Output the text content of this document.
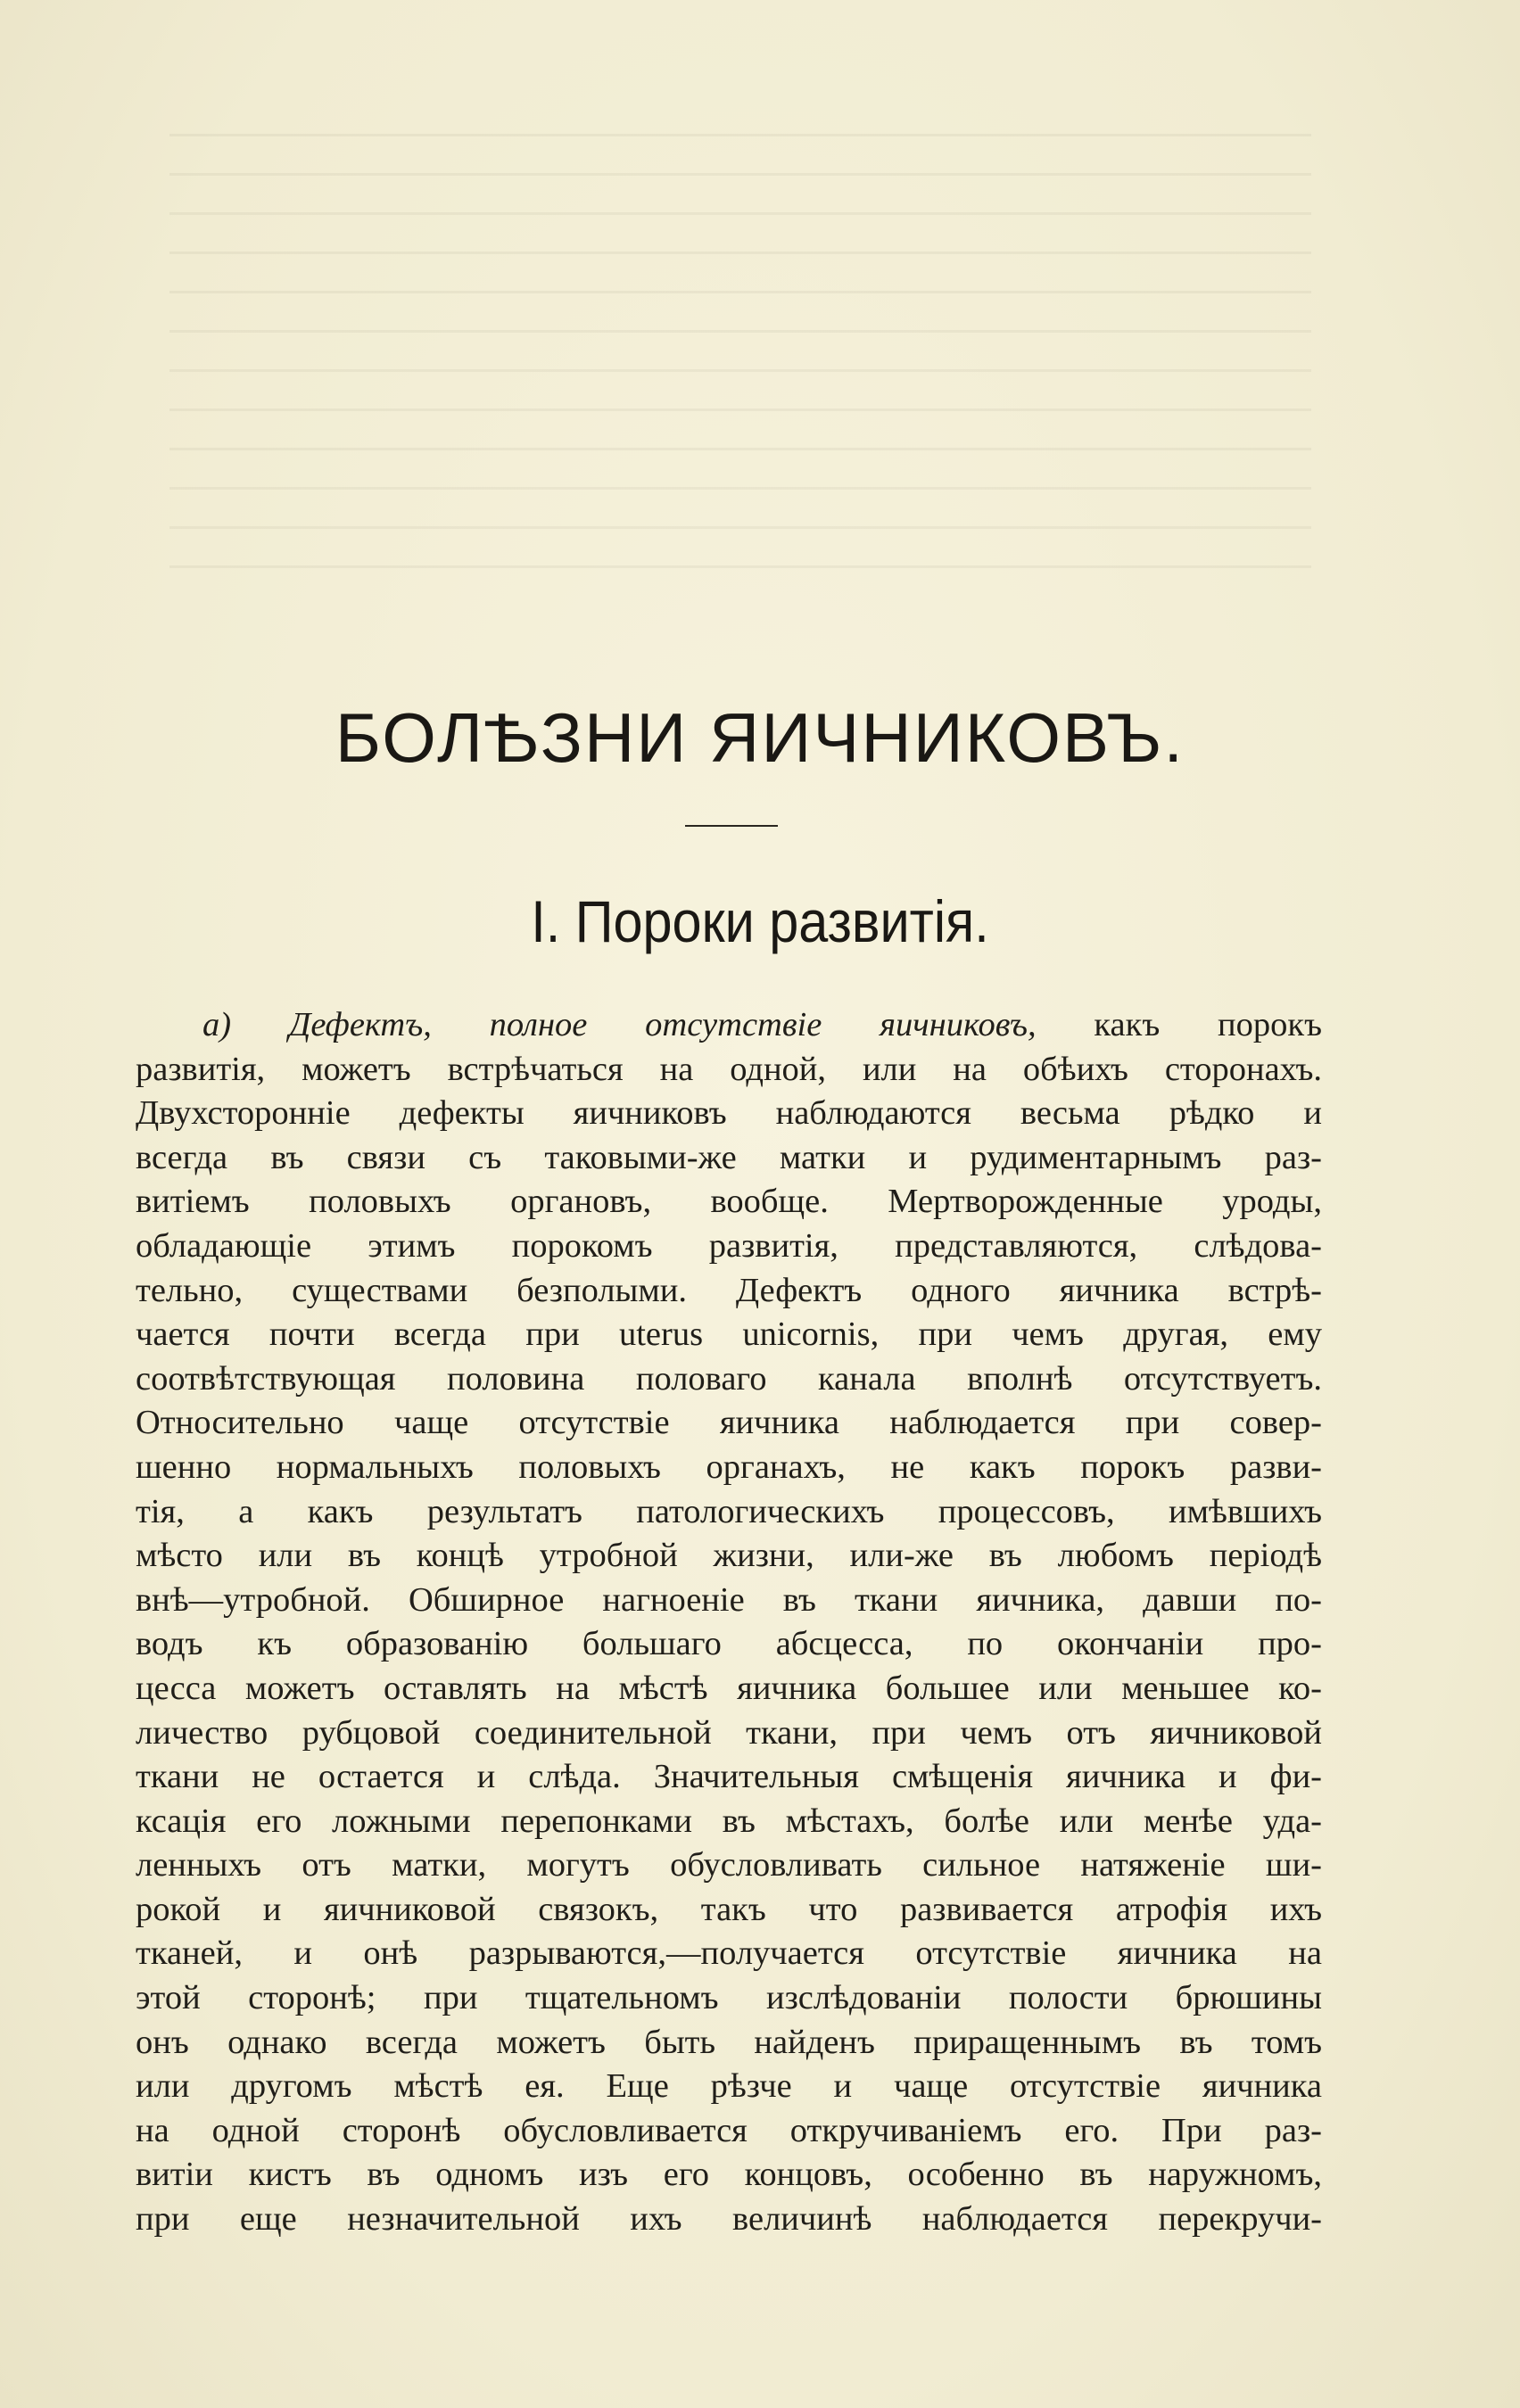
БОЛѢЗНИ ЯИЧНИКОВЪ.
I. Пороки развитія.
а) Дефектъ, полное отсутствіе яичниковъ, какъ порокъ
развитія, можетъ встрѣчаться на одной, или на обѣихъ сторонахъ.
Двухсторонніе дефекты яичниковъ наблюдаются весьма рѣдко и
всегда въ связи съ таковыми-же матки и рудиментарнымъ раз-
витіемъ половыхъ органовъ, вообще. Мертворожденные уроды,
обладающіе этимъ порокомъ развитія, представляются, слѣдова-
тельно, существами безполыми. Дефектъ одного яичника встрѣ-
чается почти всегда при uterus unicornis, при чемъ другая, ему
соотвѣтствующая половина половаго канала вполнѣ отсутствуетъ.
Относительно чаще отсутствіе яичника наблюдается при совер-
шенно нормальныхъ половыхъ органахъ, не какъ порокъ разви-
тія, а какъ результатъ патологическихъ процессовъ, имѣвшихъ
мѣсто или въ концѣ утробной жизни, или-же въ любомъ періодѣ
внѣ—утробной. Обширное нагноеніе въ ткани яичника, давши по-
водъ къ образованію большаго абсцесса, по окончаніи про-
цесса можетъ оставлять на мѣстѣ яичника большее или меньшее ко-
личество рубцовой соединительной ткани, при чемъ отъ яичниковой
ткани не остается и слѣда. Значительныя смѣщенія яичника и фи-
ксація его ложными перепонками въ мѣстахъ, болѣе или менѣе уда-
ленныхъ отъ матки, могутъ обусловливать сильное натяженіе ши-
рокой и яичниковой связокъ, такъ что развивается атрофія ихъ
тканей, и онѣ разрываются,—получается отсутствіе яичника на
этой сторонѣ; при тщательномъ изслѣдованіи полости брюшины
онъ однако всегда можетъ быть найденъ приращеннымъ въ томъ
или другомъ мѣстѣ ея. Еще рѣзче и чаще отсутствіе яичника
на одной сторонѣ обусловливается откручиваніемъ его. При раз-
витіи кистъ въ одномъ изъ его концовъ, особенно въ наружномъ,
при еще незначительной ихъ величинѣ наблюдается перекручи-
